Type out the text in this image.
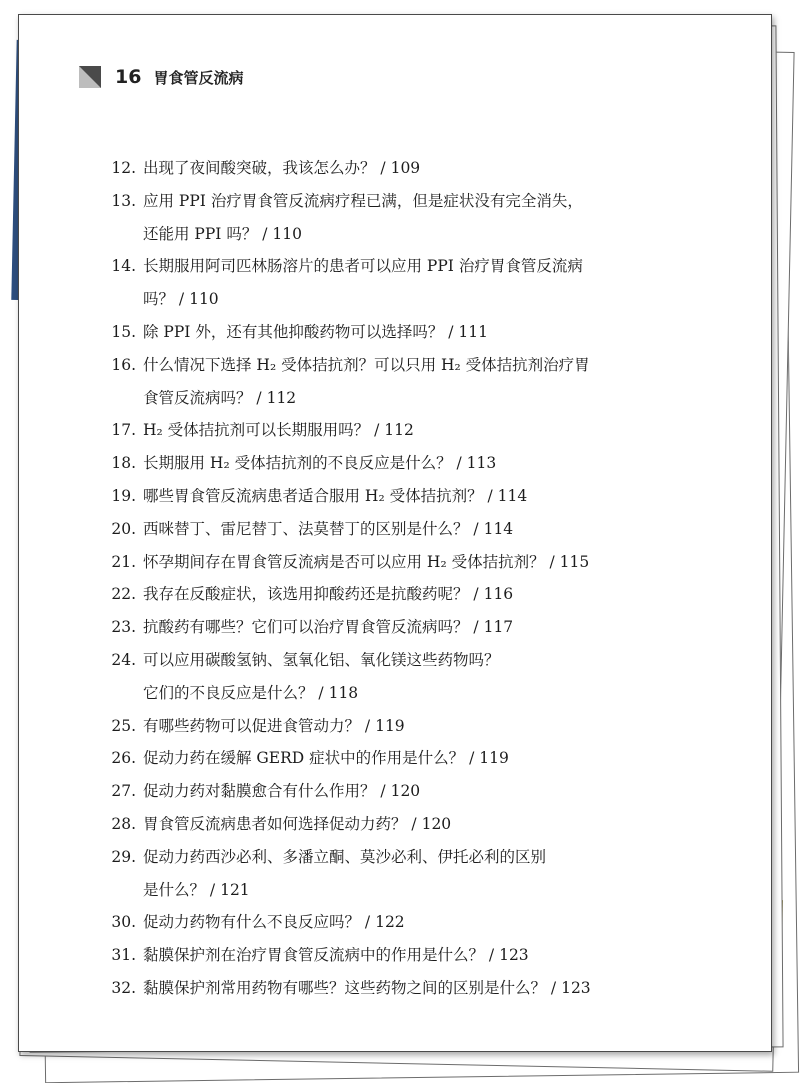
16 胃食管反流病
12. 出现了夜间酸突破，我该怎么办？ / 109
13. 应用 PPI 治疗胃食管反流病疗程已满，但是症状没有完全消失，
还能用 PPI 吗？ / 110
14. 长期服用阿司匹林肠溶片的患者可以应用 PPI 治疗胃食管反流病
吗？ / 110
15. 除 PPI 外，还有其他抑酸药物可以选择吗？ / 111
16. 什么情况下选择 H₂ 受体拮抗剂？可以只用 H₂ 受体拮抗剂治疗胃
食管反流病吗？ / 112
17. H₂ 受体拮抗剂可以长期服用吗？ / 112
18. 长期服用 H₂ 受体拮抗剂的不良反应是什么？ / 113
19. 哪些胃食管反流病患者适合服用 H₂ 受体拮抗剂？ / 114
20. 西咪替丁、雷尼替丁、法莫替丁的区别是什么？ / 114
21. 怀孕期间存在胃食管反流病是否可以应用 H₂ 受体拮抗剂？ / 115
22. 我存在反酸症状，该选用抑酸药还是抗酸药呢？ / 116
23. 抗酸药有哪些？它们可以治疗胃食管反流病吗？ / 117
24. 可以应用碳酸氢钠、氢氧化铝、氧化镁这些药物吗？
它们的不良反应是什么？ / 118
25. 有哪些药物可以促进食管动力？ / 119
26. 促动力药在缓解 GERD 症状中的作用是什么？ / 119
27. 促动力药对黏膜愈合有什么作用？ / 120
28. 胃食管反流病患者如何选择促动力药？ / 120
29. 促动力药西沙必利、多潘立酮、莫沙必利、伊托必利的区别
是什么？ / 121
30. 促动力药物有什么不良反应吗？ / 122
31. 黏膜保护剂在治疗胃食管反流病中的作用是什么？ / 123
32. 黏膜保护剂常用药物有哪些？这些药物之间的区别是什么？ / 123
